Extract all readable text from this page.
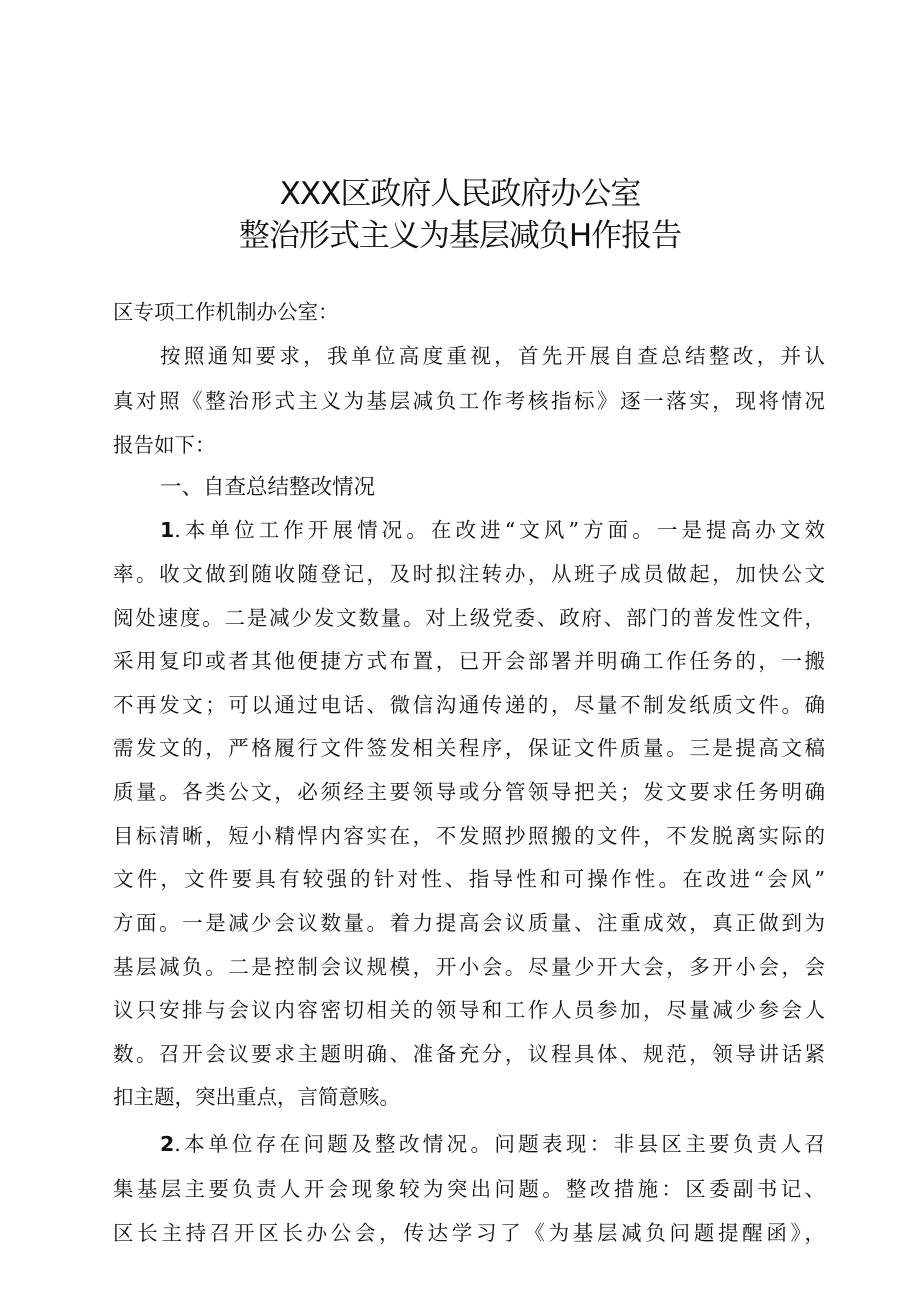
XXX区政府人民政府办公室
整治形式主义为基层减负H作报告
区专项工作机制办公室：
按照通知要求，我单位高度重视，首先开展自查总结整改，并认
真对照《整治形式主义为基层减负工作考核指标》逐一落实，现将情况
报告如下：
一、自查总结整改情况
1.本单位工作开展情况。在改进“文风”方面。一是提高办文效
率。收文做到随收随登记，及时拟注转办，从班子成员做起，加快公文
阅处速度。二是减少发文数量。对上级党委、政府、部门的普发性文件，
采用复印或者其他便捷方式布置，已开会部署并明确工作任务的，一搬
不再发文；可以通过电话、微信沟通传递的，尽量不制发纸质文件。确
需发文的，严格履行文件签发相关程序，保证文件质量。三是提高文稿
质量。各类公文，必须经主要领导或分管领导把关；发文要求任务明确
目标清晰，短小精悍内容实在，不发照抄照搬的文件，不发脱离实际的
文件，文件要具有较强的针对性、指导性和可操作性。在改进“会风”
方面。一是减少会议数量。着力提高会议质量、注重成效，真正做到为
基层减负。二是控制会议规模，开小会。尽量少开大会，多开小会，会
议只安排与会议内容密切相关的领导和工作人员参加，尽量减少参会人
数。召开会议要求主题明确、准备充分，议程具体、规范，领导讲话紧
扣主题，突出重点，言简意赅。
2.本单位存在问题及整改情况。问题表现：非县区主要负责人召
集基层主要负责人开会现象较为突出问题。整改措施：区委副书记、
区长主持召开区长办公会，传达学习了《为基层减负问题提醒函》，
